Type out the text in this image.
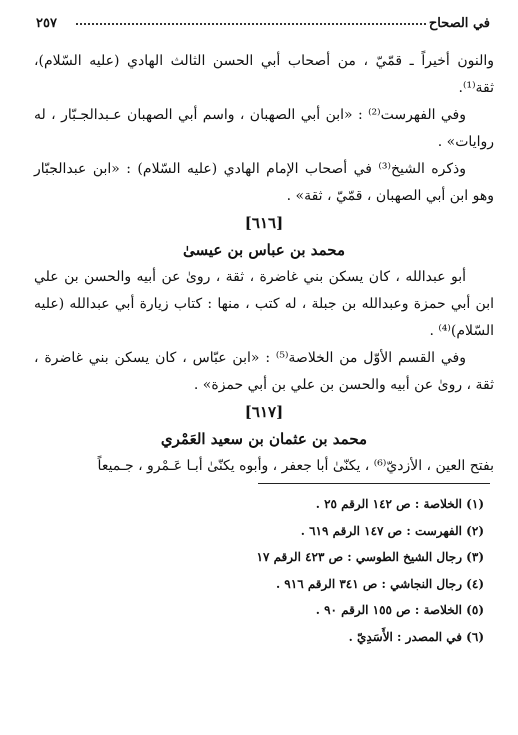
في الصحاح
٢٥٧

والنون أخيراً ـ قمّيّ ، من أصحاب أبي الحسن الثالث الهادي (عليه السّلام)، ثقة⁽¹⁾.

وفي الفهرست⁽²⁾ : «ابن أبي الصهبان ، واسم أبي الصهبان عـبدالجـبّار ، له روايات» .

وذكره الشيخ⁽³⁾ في أصحاب الإمام الهادي (عليه السّلام) : «ابن عبدالجبّار وهو ابن أبي الصهبان ، قمّيّ ، ثقة» .

[٦١٦]

محمد بن عباس بن عيسىٰ

أبو عبدالله ، كان يسكن بني غاضرة ، ثقة ، روىٰ عن أبيه والحسن بن علي ابن أبي حمزة وعبدالله بن جبلة ، له كتب ، منها : كتاب زيارة أبي عبدالله (عليه السّلام)⁽⁴⁾ .

وفي القسم الأوّل من الخلاصة⁽⁵⁾ : «ابن عبّاس ، كان يسكن بني غاضرة ، ثقة ، روىٰ عن أبيه والحسن بن علي بن أبي حمزة» .

[٦١٧]

محمد بن عثمان بن سعيد العَمْري

بفتح العين ، الأزديّ⁽⁶⁾ ، يكنّىٰ أبا جعفر ، وأبوه يكنّىٰ أبـا عَـمْرو ، جـميعاً

(١) الخلاصة : ص ١٤٢ الرقم ٢٥ .

(٢) الفهرست : ص ١٤٧ الرقم ٦١٩ .

(٣) رجال الشيخ الطوسي : ص ٤٢٣ الرقم ١٧

(٤) رجال النجاشي : ص ٣٤١ الرقم ٩١٦ .

(٥) الخلاصة : ص ١٥٥ الرقم ٩٠ .

(٦) في المصدر : الأَسَدِيّ .
